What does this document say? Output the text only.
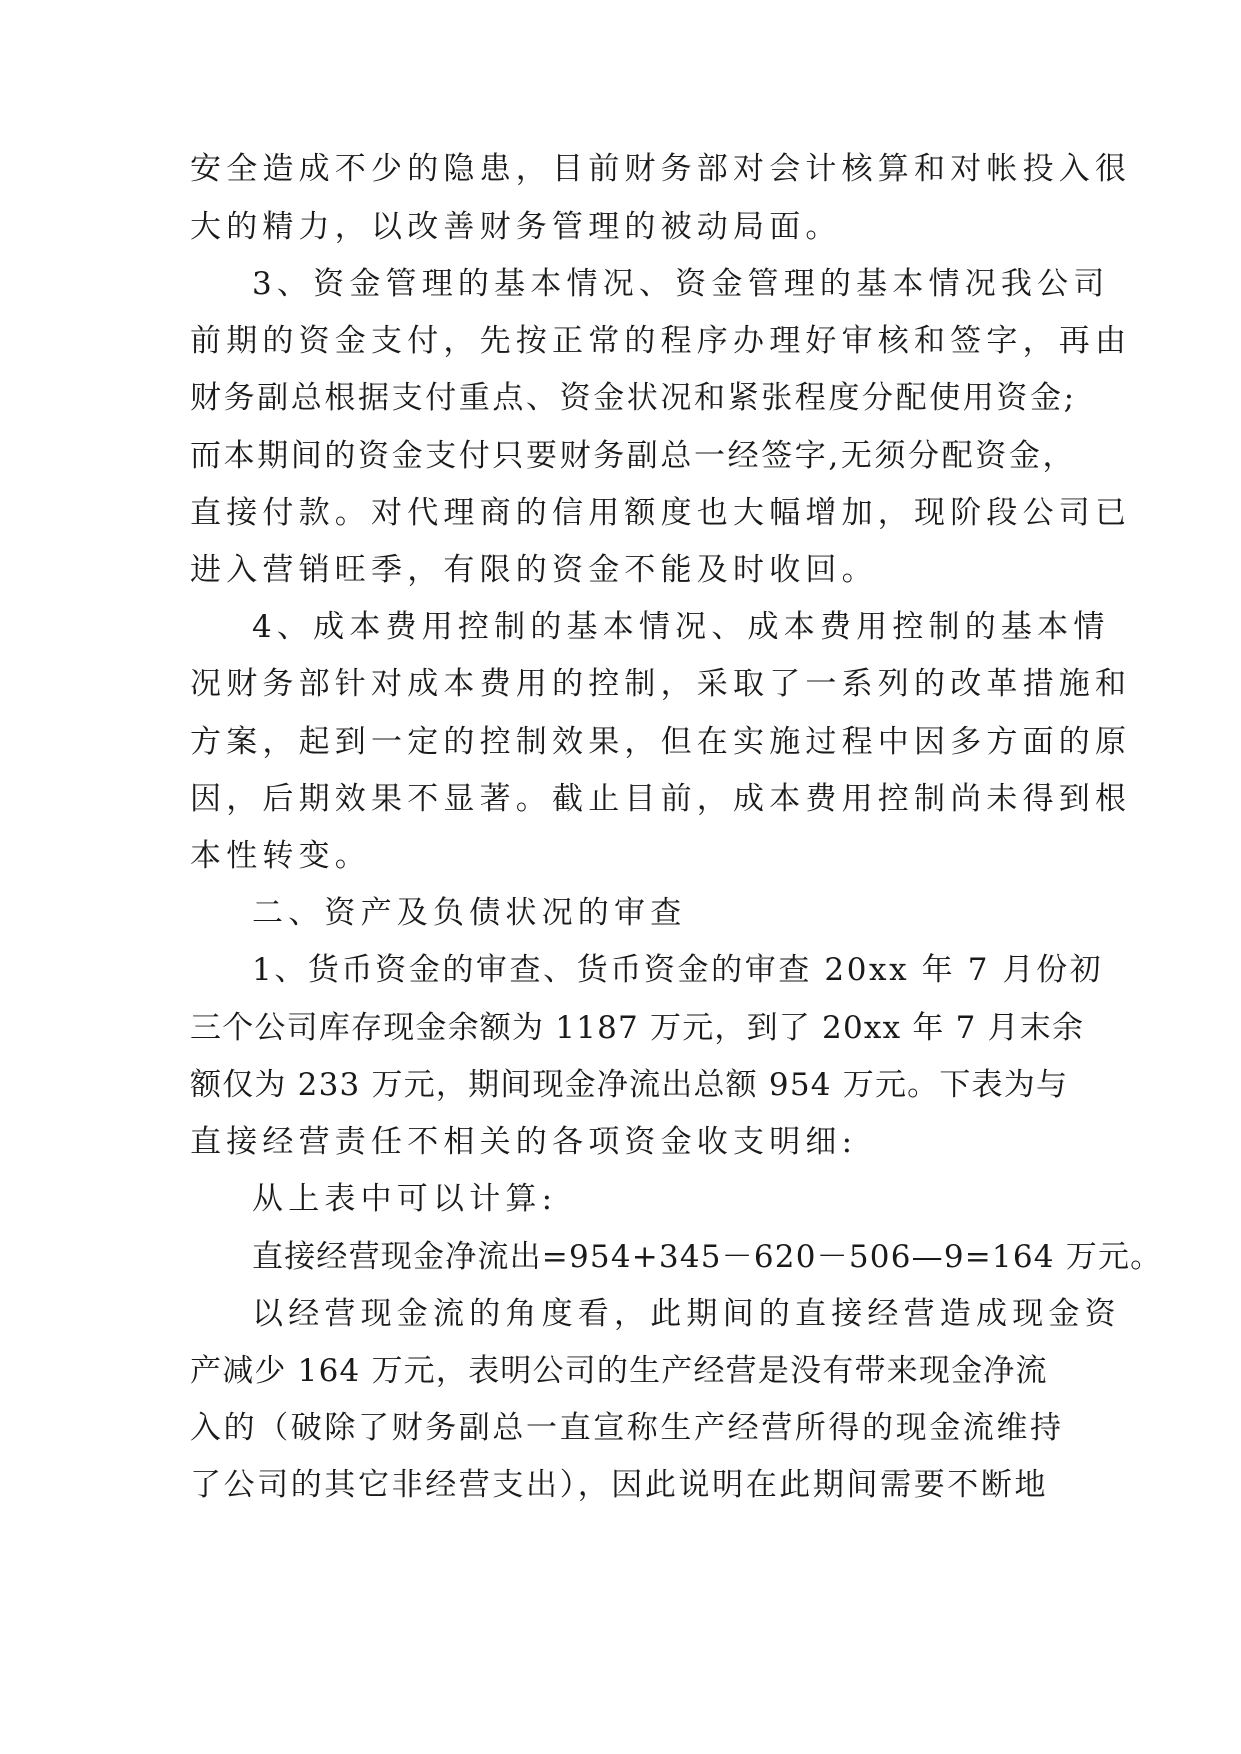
安全造成不少的隐患，目前财务部对会计核算和对帐投入很
大的精力，以改善财务管理的被动局面。
3、资金管理的基本情况、资金管理的基本情况我公司
前期的资金支付，先按正常的程序办理好审核和签字，再由
财务副总根据支付重点、资金状况和紧张程度分配使用资金;
而本期间的资金支付只要财务副总一经签字,无须分配资金，
直接付款。对代理商的信用额度也大幅增加，现阶段公司已
进入营销旺季，有限的资金不能及时收回。
4、成本费用控制的基本情况、成本费用控制的基本情
况财务部针对成本费用的控制，采取了一系列的改革措施和
方案，起到一定的控制效果，但在实施过程中因多方面的原
因，后期效果不显著。截止目前，成本费用控制尚未得到根
本性转变。
二、资产及负债状况的审查
1、货币资金的审查、货币资金的审查 20xx 年 7 月份初
三个公司库存现金余额为 1187 万元，到了 20xx 年 7 月末余
额仅为 233 万元，期间现金净流出总额 954 万元。下表为与
直接经营责任不相关的各项资金收支明细:
从上表中可以计算:
直接经营现金净流出=954+345－620－506—9=164 万元。
以经营现金流的角度看，此期间的直接经营造成现金资
产减少 164 万元，表明公司的生产经营是没有带来现金净流
入的（破除了财务副总一直宣称生产经营所得的现金流维持
了公司的其它非经营支出），因此说明在此期间需要不断地
